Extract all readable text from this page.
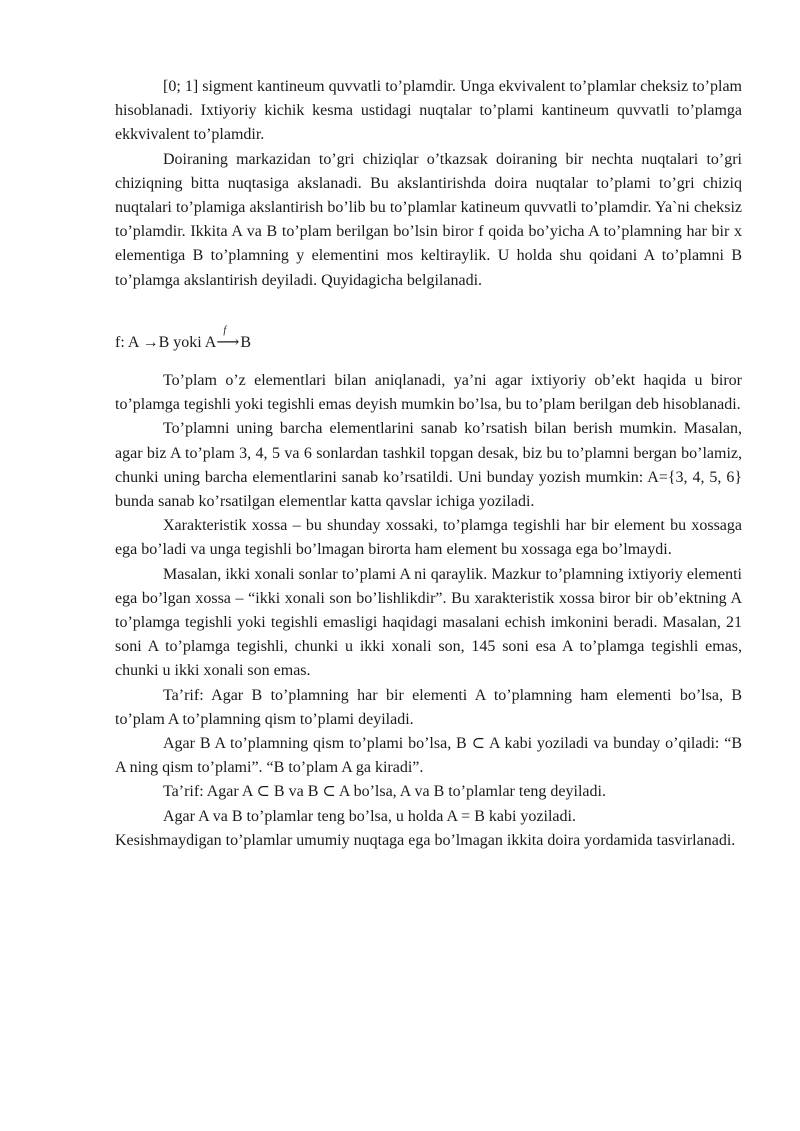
[0; 1] sigment kantineum quvvatli to’plamdir. Unga ekvivalent to’plamlar cheksiz to’plam hisoblanadi. Ixtiyoriy kichik kesma ustidagi nuqtalar to’plami kantineum quvvatli to’plamga ekkvivalent to’plamdir.

Doiraning markazidan to’gri chiziqlar o’tkazsak doiraning bir nechta nuqtalari to’gri chiziqning bitta nuqtasiga akslanadi. Bu akslantirishda doira nuqtalar to’plami to’gri chiziq nuqtalari to’plamiga akslantirish bo’lib bu to’plamlar katineum quvvatli to’plamdir. Ya`ni cheksiz to’plamdir. Ikkita A va B to’plam berilgan bo’lsin biror f qoida bo’yicha A to’plamning har bir x elementiga B to’plamning y elementini mos keltiraylik. U holda shu qoidani A to’plamni B to’plamga akslantirish deyiladi. Quyidagicha belgilanadi.

f: A →B yoki A
f
⟶ B

To’plam o’z elementlari bilan aniqlanadi, ya’ni agar ixtiyoriy ob’ekt haqida u biror to’plamga tegishli yoki tegishli emas deyish mumkin bo’lsa, bu to’plam berilgan deb hisoblanadi.

To’plamni uning barcha elementlarini sanab ko’rsatish bilan berish mumkin. Masalan, agar biz A to’plam 3, 4, 5 va 6 sonlardan tashkil topgan desak, biz bu to’plamni bergan bo’lamiz, chunki uning barcha elementlarini sanab ko’rsatildi. Uni bunday yozish mumkin: A={3, 4, 5, 6} bunda sanab ko’rsatilgan elementlar katta qavslar ichiga yoziladi.

Xarakteristik xossa – bu shunday xossaki, to’plamga tegishli har bir element bu xossaga ega bo’ladi va unga tegishli bo’lmagan birorta ham element bu xossaga ega bo’lmaydi.

Masalan, ikki xonali sonlar to’plami A ni qaraylik. Mazkur to’plamning ixtiyoriy elementi ega bo’lgan xossa – “ikki xonali son bo’lishlikdir”. Bu xarakteristik xossa biror bir ob’ektning A to’plamga tegishli yoki tegishli emasligi haqidagi masalani echish imkonini beradi. Masalan, 21 soni A to’plamga tegishli, chunki u ikki xonali son, 145 soni esa A to’plamga tegishli emas, chunki u ikki xonali son emas.

Ta’rif: Agar B to’plamning har bir elementi A to’plamning ham elementi bo’lsa, B to’plam A to’plamning qism to’plami deyiladi.

Agar B A to’plamning qism to’plami bo’lsa, B ⊂ A kabi yoziladi va bunday o’qiladi: “B A ning qism to’plami”. “B to’plam A ga kiradi”.

Ta’rif: Agar A ⊂ B va B ⊂ A bo’lsa, A va B to’plamlar teng deyiladi.

Agar A va B to’plamlar teng bo’lsa, u holda A = B kabi yoziladi.

Kesishmaydigan to’plamlar umumiy nuqtaga ega bo’lmagan ikkita doira yordamida tasvirlanadi.
